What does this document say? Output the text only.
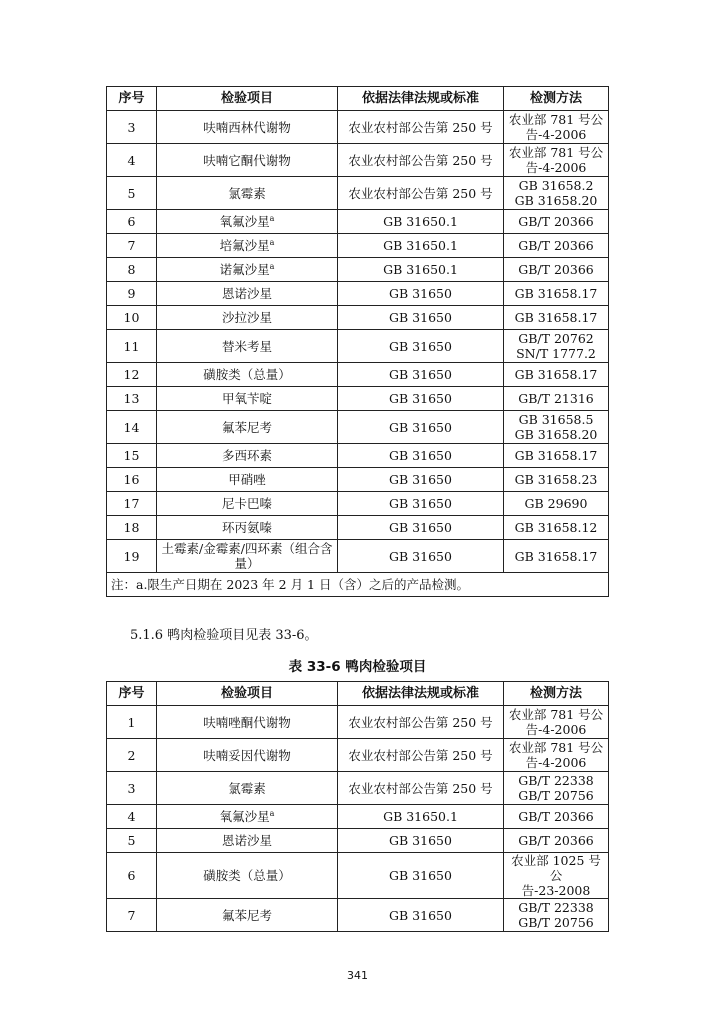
序号	检验项目	依据法律法规或标准	检测方法
3	呋喃西林代谢物	农业农村部公告第 250 号	农业部 781 号公
告-4-2006

4	呋喃它酮代谢物	农业农村部公告第 250 号	农业部 781 号公
告-4-2006

5	氯霉素	农业农村部公告第 250 号	GB 31658.2
GB 31658.20

6	氧氟沙星$^a$	GB 31650.1	GB/T 20366

7	培氟沙星$^a$	GB 31650.1	GB/T 20366

8	诺氟沙星$^a$	GB 31650.1	GB/T 20366

9	恩诺沙星	GB 31650	GB 31658.17

10	沙拉沙星	GB 31650	GB 31658.17

11	替米考星	GB 31650	GB/T 20762
SN/T 1777.2

12	磺胺类（总量）	GB 31650	GB 31658.17

13	甲氧苄啶	GB 31650	GB/T 21316

14	氟苯尼考	GB 31650	GB 31658.5
GB 31658.20

15	多西环素	GB 31650	GB 31658.17

16	甲硝唑	GB 31650	GB 31658.23

17	尼卡巴嗪	GB 31650	GB 29690

18	环丙氨嗪	GB 31650	GB 31658.12

19	土霉素/金霉素/四环素（组合含量）	GB 31650	GB 31658.17

注：a.限生产日期在 2023 年 2 月 1 日（含）之后的产品检测。			
5.1.6 鸭肉检验项目见表 33-6。
表 33-6 鸭肉检验项目
序号	检验项目	依据法律法规或标准	检测方法
1	呋喃唑酮代谢物	农业农村部公告第 250 号	农业部 781 号公
告-4-2006

2	呋喃妥因代谢物	农业农村部公告第 250 号	农业部 781 号公
告-4-2006

3	氯霉素	农业农村部公告第 250 号	GB/T 22338
GB/T 20756

4	氧氟沙星$^a$	GB 31650.1	GB/T 20366

5	恩诺沙星	GB 31650	GB/T 20366

6	磺胺类（总量）	GB 31650	农业部 1025 号公
告-23-2008

7	氟苯尼考	GB 31650	GB/T 22338
GB/T 20756
341
